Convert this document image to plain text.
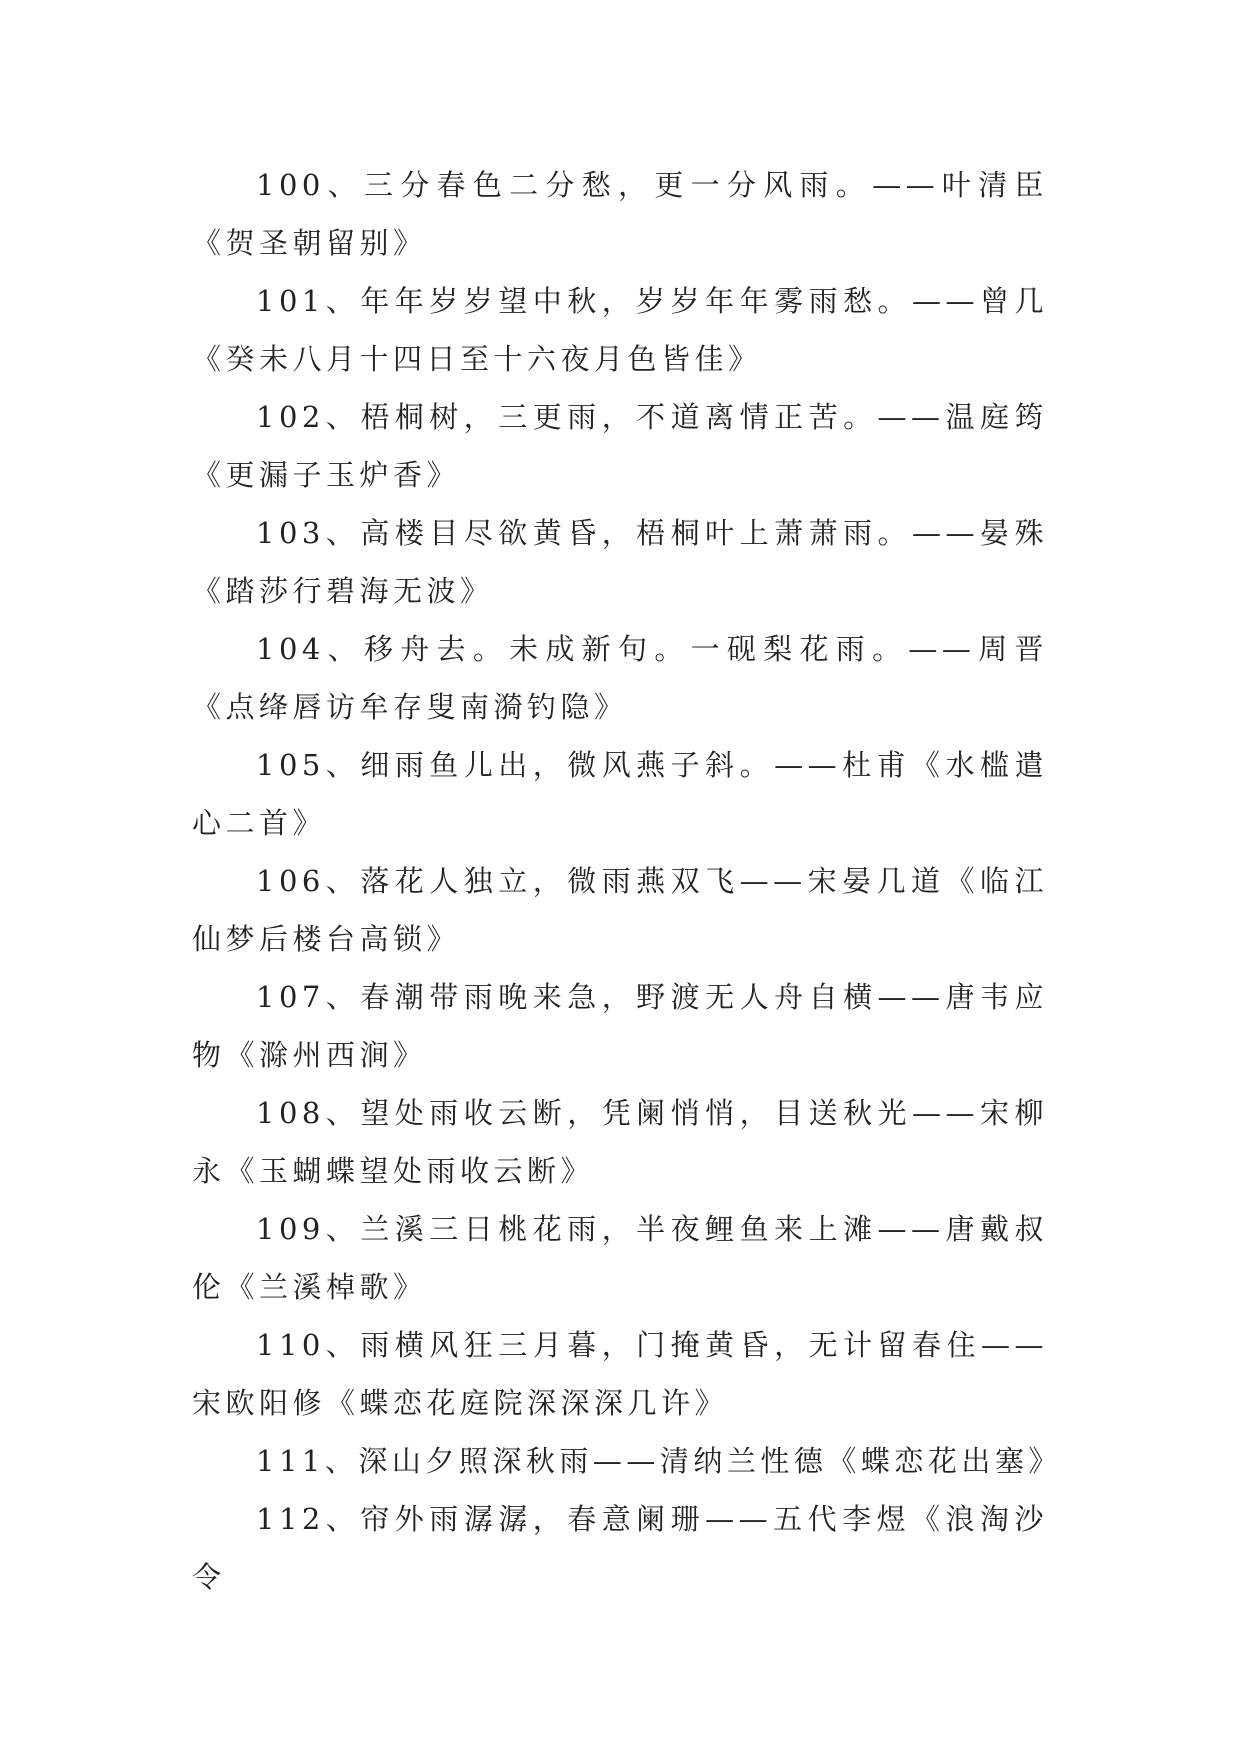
100、三分春色二分愁，更一分风雨。——叶清臣《贺圣朝留别》

101、年年岁岁望中秋，岁岁年年雾雨愁。——曾几《癸未八月十四日至十六夜月色皆佳》

102、梧桐树，三更雨，不道离情正苦。——温庭筠《更漏子玉炉香》

103、高楼目尽欲黄昏，梧桐叶上萧萧雨。——晏殊《踏莎行碧海无波》

104、移舟去。未成新句。一砚梨花雨。——周晋《点绛唇访牟存叟南漪钓隐》

105、细雨鱼儿出，微风燕子斜。——杜甫《水槛遣心二首》

106、落花人独立，微雨燕双飞——宋晏几道《临江仙梦后楼台高锁》

107、春潮带雨晚来急，野渡无人舟自横——唐韦应物《滁州西涧》

108、望处雨收云断，凭阑悄悄，目送秋光——宋柳永《玉蝴蝶望处雨收云断》

109、兰溪三日桃花雨，半夜鲤鱼来上滩——唐戴叔伦《兰溪棹歌》

110、雨横风狂三月暮，门掩黄昏，无计留春住——宋欧阳修《蝶恋花庭院深深深几许》

111、深山夕照深秋雨——清纳兰性德《蝶恋花出塞》

112、帘外雨潺潺，春意阑珊——五代李煜《浪淘沙令
